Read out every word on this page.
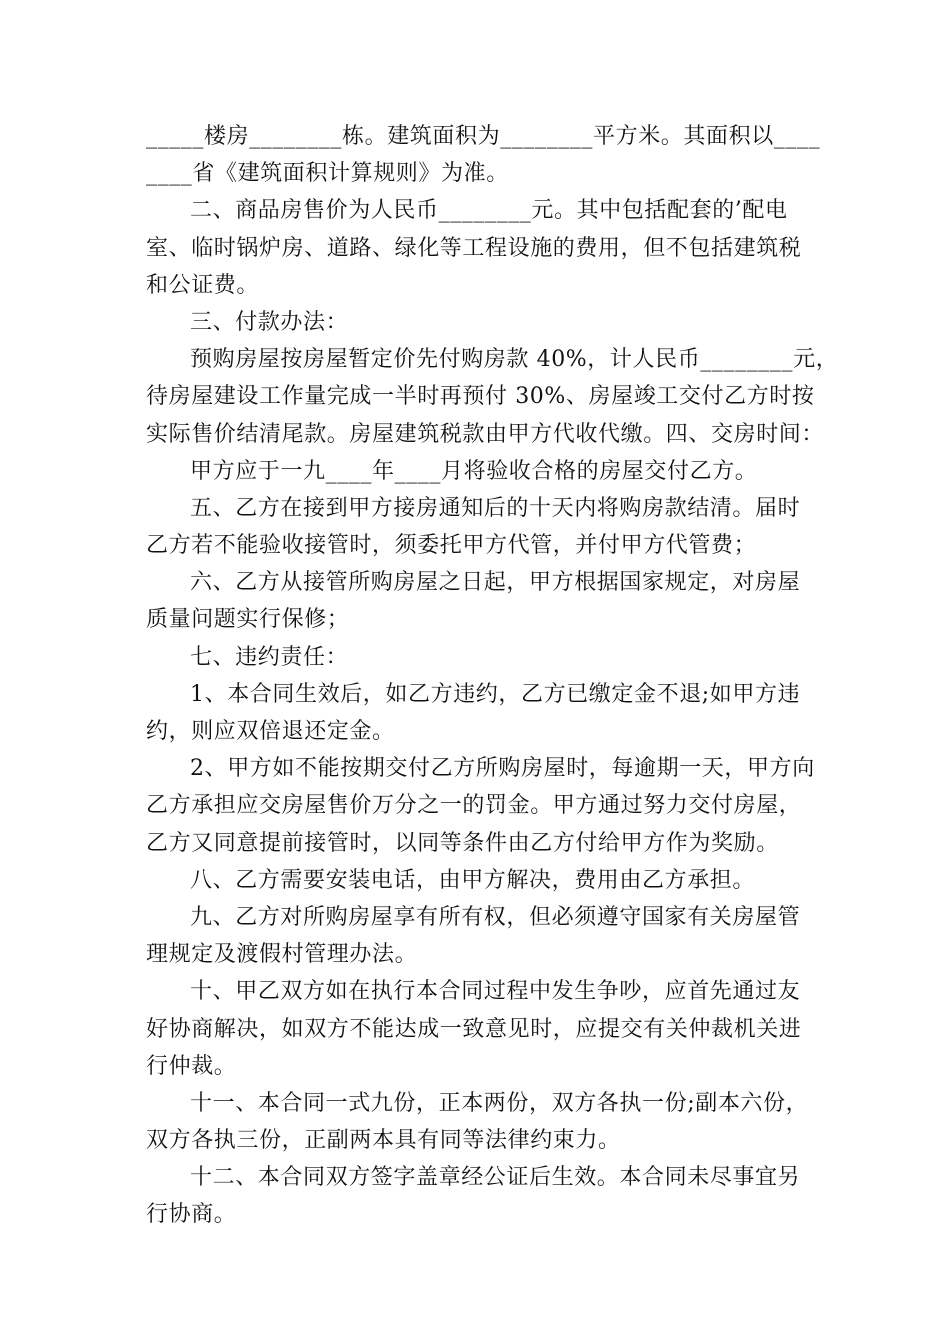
_____楼房________栋。建筑面积为________平方米。其面积以____
____省《建筑面积计算规则》为准。
二、商品房售价为人民币________元。其中包括配套的’配电
室、临时锅炉房、道路、绿化等工程设施的费用，但不包括建筑税
和公证费。
三、付款办法：
预购房屋按房屋暂定价先付购房款 40%，计人民币________元，
待房屋建设工作量完成一半时再预付 30%、房屋竣工交付乙方时按
实际售价结清尾款。房屋建筑税款由甲方代收代缴。四、交房时间：
甲方应于一九____年____月将验收合格的房屋交付乙方。
五、乙方在接到甲方接房通知后的十天内将购房款结清。届时
乙方若不能验收接管时，须委托甲方代管，并付甲方代管费；
六、乙方从接管所购房屋之日起，甲方根据国家规定，对房屋
质量问题实行保修；
七、违约责任：
1、本合同生效后，如乙方违约，乙方已缴定金不退;如甲方违
约，则应双倍退还定金。
2、甲方如不能按期交付乙方所购房屋时，每逾期一天，甲方向
乙方承担应交房屋售价万分之一的罚金。甲方通过努力交付房屋，
乙方又同意提前接管时，以同等条件由乙方付给甲方作为奖励。
八、乙方需要安装电话，由甲方解决，费用由乙方承担。
九、乙方对所购房屋享有所有权，但必须遵守国家有关房屋管
理规定及渡假村管理办法。
十、甲乙双方如在执行本合同过程中发生争吵，应首先通过友
好协商解决，如双方不能达成一致意见时，应提交有关仲裁机关进
行仲裁。
十一、本合同一式九份，正本两份，双方各执一份;副本六份，
双方各执三份，正副两本具有同等法律约束力。
十二、本合同双方签字盖章经公证后生效。本合同未尽事宜另
行协商。
